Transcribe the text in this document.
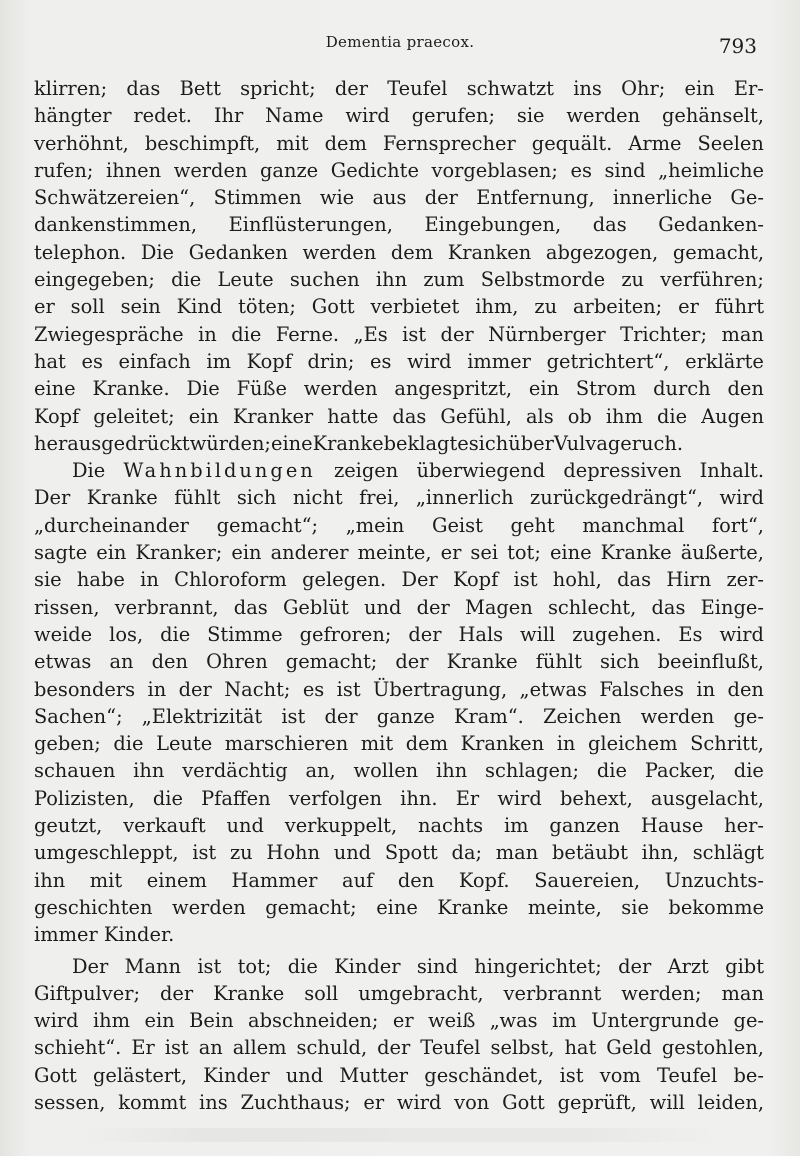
Dementia praecox.	793
klirren; das Bett spricht; der Teufel schwatzt ins Ohr; ein Er-
hängter redet. Ihr Name wird gerufen; sie werden gehänselt,
verhöhnt, beschimpft, mit dem Fernsprecher gequält. Arme Seelen
rufen; ihnen werden ganze Gedichte vorgeblasen; es sind „heimliche
Schwätzereien“, Stimmen wie aus der Entfernung, innerliche Ge-
dankenstimmen, Einflüsterungen, Eingebungen, das Gedanken-
telephon. Die Gedanken werden dem Kranken abgezogen, gemacht,
eingegeben; die Leute suchen ihn zum Selbstmorde zu verführen;
er soll sein Kind töten; Gott verbietet ihm, zu arbeiten; er führt
Zwiegespräche in die Ferne. „Es ist der Nürnberger Trichter; man
hat es einfach im Kopf drin; es wird immer getrichtert“, erklärte
eine Kranke. Die Füße werden angespritzt, ein Strom durch den
Kopf geleitet; ein Kranker hatte das Gefühl, als ob ihm die Augen
herausgedrückt würden; eine Kranke beklagte sich über Vulvageruch.
Die Wahnbildungen zeigen überwiegend depressiven Inhalt.
Der Kranke fühlt sich nicht frei, „innerlich zurückgedrängt“, wird
„durcheinander gemacht“; „mein Geist geht manchmal fort“,
sagte ein Kranker; ein anderer meinte, er sei tot; eine Kranke äußerte,
sie habe in Chloroform gelegen. Der Kopf ist hohl, das Hirn zer-
rissen, verbrannt, das Geblüt und der Magen schlecht, das Einge-
weide los, die Stimme gefroren; der Hals will zugehen. Es wird
etwas an den Ohren gemacht; der Kranke fühlt sich beeinflußt,
besonders in der Nacht; es ist Übertragung, „etwas Falsches in den
Sachen“; „Elektrizität ist der ganze Kram“. Zeichen werden ge-
geben; die Leute marschieren mit dem Kranken in gleichem Schritt,
schauen ihn verdächtig an, wollen ihn schlagen; die Packer, die
Polizisten, die Pfaffen verfolgen ihn. Er wird behext, ausgelacht,
geutzt, verkauft und verkuppelt, nachts im ganzen Hause her-
umgeschleppt, ist zu Hohn und Spott da; man betäubt ihn, schlägt
ihn mit einem Hammer auf den Kopf. Sauereien, Unzuchts-
geschichten werden gemacht; eine Kranke meinte, sie bekomme
immer Kinder.
Der Mann ist tot; die Kinder sind hingerichtet; der Arzt gibt
Giftpulver; der Kranke soll umgebracht, verbrannt werden; man
wird ihm ein Bein abschneiden; er weiß „was im Untergrunde ge-
schieht“. Er ist an allem schuld, der Teufel selbst, hat Geld gestohlen,
Gott gelästert, Kinder und Mutter geschändet, ist vom Teufel be-
sessen, kommt ins Zuchthaus; er wird von Gott geprüft, will leiden,
